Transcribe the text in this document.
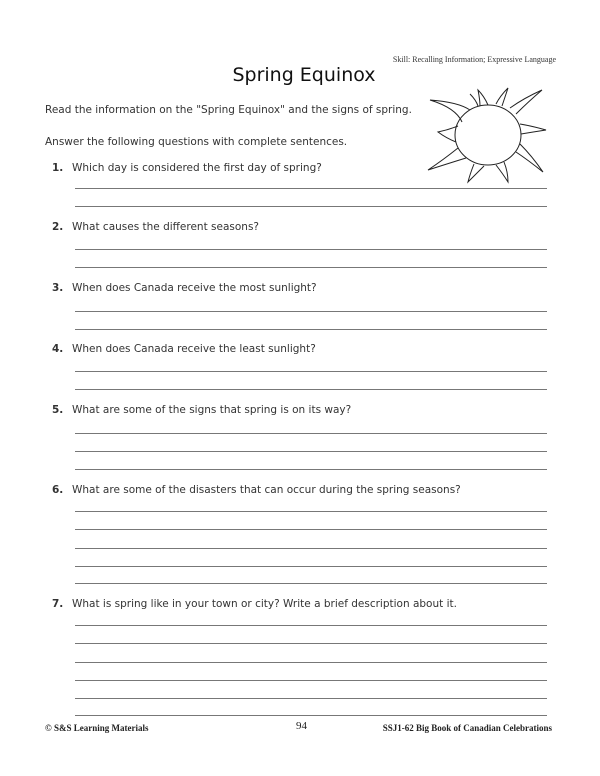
Skill: Recalling Information; Expressive Language
Spring Equinox
Read the information on the "Spring Equinox" and the signs of spring.
Answer the following questions with complete sentences.
1. Which day is considered the first day of spring?
2. What causes the different seasons?
3. When does Canada receive the most sunlight?
4. When does Canada receive the least sunlight?
5. What are some of the signs that spring is on its way?
6. What are some of the disasters that can occur during the spring seasons?
7. What is spring like in your town or city? Write a brief description about it.
© S&S Learning Materials	94	SSJ1-62 Big Book of Canadian Celebrations
